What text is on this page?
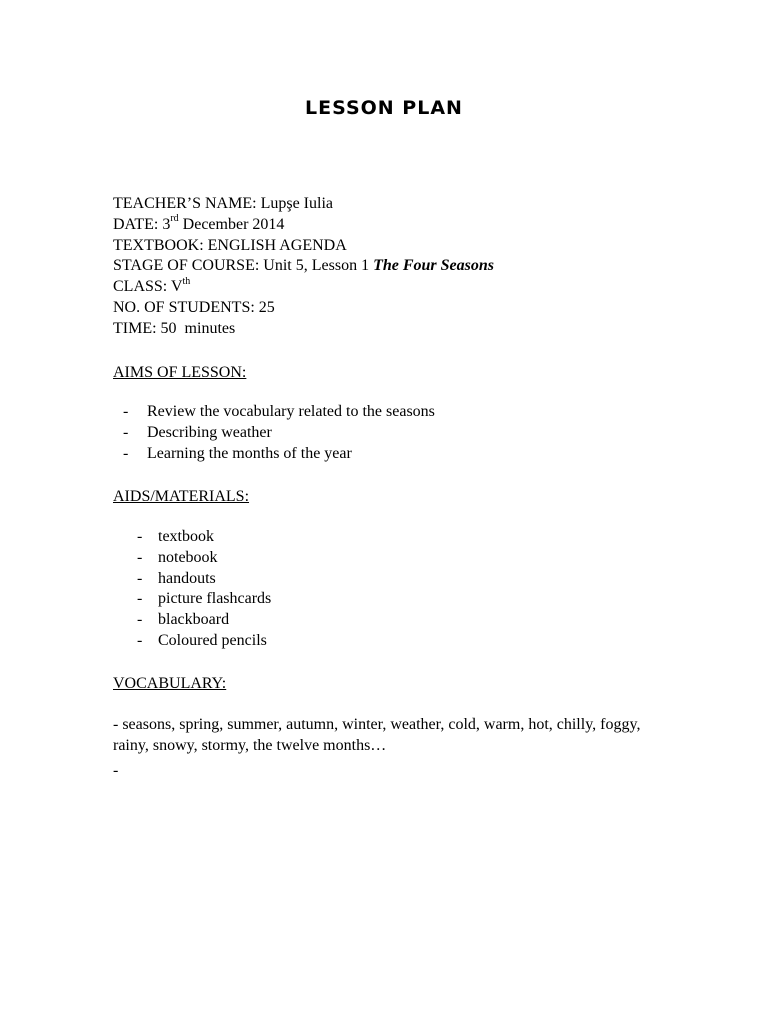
LESSON PLAN
TEACHER’S NAME: Lupşe Iulia
DATE: 3rd December 2014
TEXTBOOK: ENGLISH AGENDA
STAGE OF COURSE: Unit 5, Lesson 1 The Four Seasons
CLASS: Vth
NO. OF STUDENTS: 25
TIME: 50  minutes
AIMS OF LESSON:
- Review the vocabulary related to the seasons
- Describing weather
- Learning the months of the year
AIDS/MATERIALS:
- textbook
- notebook
- handouts
- picture flashcards
- blackboard
- Coloured pencils
VOCABULARY:
- seasons, spring, summer, autumn, winter, weather, cold, warm, hot, chilly, foggy, rainy, snowy, stormy, the twelve months…
-
